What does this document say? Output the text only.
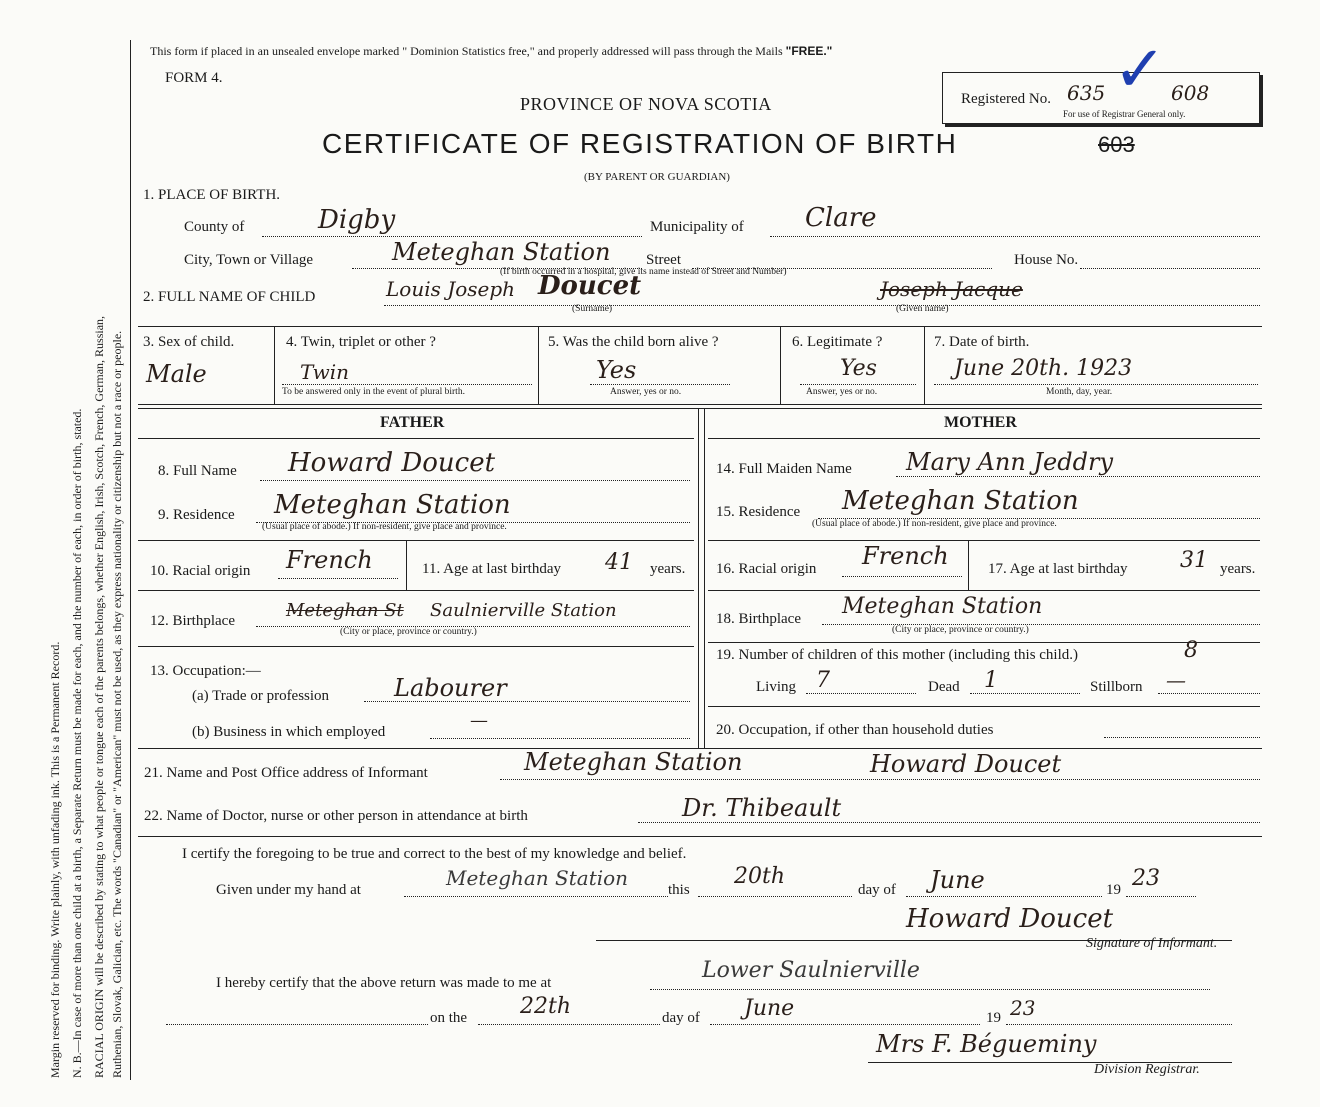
Margin reserved for binding. Write plainly, with unfading ink. This is a Permanent Record. N. B.—In case of more than one child at a birth, a Separate Return must be made for each, and the number of each, in order of birth, stated. RACIAL ORIGIN will be described by stating to what people or tongue each of the parents belongs, whether English, Irish, Scotch, French, German, Russian, Ruthenian, Slovak, Galician, etc. The words "Canadian" or "American" must not be used, as they express nationality or citizenship but not a race or people.
This form if placed in an unsealed envelope marked " Dominion Statistics free," and properly addressed will pass through the Mails "FREE."
FORM 4.
PROVINCE OF NOVA SCOTIA
CERTIFICATE OF REGISTRATION OF BIRTH	603
(BY PARENT OR GUARDIAN)
Registered No. 635	608
For use of Registrar General only.
✓
1. PLACE OF BIRTH.
County of	Digby	Municipality of Clare
City, Town or Village	Meteghan Station Street	House No.
(If birth occurred in a hospital, give its name instead of Street and Number)
2. FULL NAME OF CHILD	Louis Joseph Doucet
(Surname)
Joseph Jacque
(Given name)
3. Sex of child.
Male
4. Twin, triplet or other ?
Twin
To be answered only in the event of plural birth.
5. Was the child born alive ?
Yes
Answer, yes or no.
6. Legitimate ?
Yes
Answer, yes or no.
7. Date of birth.
June 20th. 1923
Month, day, year.
FATHER	MOTHER
8. Full Name Howard Doucet
9. Residence Meteghan Station
(Usual place of abode.) If non-resident, give place and province.
10. Racial origin French	11. Age at last birthday 41 years.
12. Birthplace	Meteghan St Saulnierville Station
(City or place, province or country.)
13. Occupation:—
(a) Trade or profession	Labourer
(b) Business in which employed
—
14. Full Maiden Name Mary Ann Jeddry
15. Residence Meteghan Station
(Usual place of abode.) If non-resident, give place and province.
16. Racial origin French	17. Age at last birthday 31 years.
18. Birthplace Meteghan Station
(City or place, province or country.)
19. Number of children of this mother (including this child.)	8
Living 7	Dead 1	Stillborn —
20. Occupation, if other than household duties
21. Name and Post Office address of Informant	Meteghan Station	Howard Doucet
22. Name of Doctor, nurse or other person in attendance at birth	Dr. Thibeault
I certify the foregoing to be true and correct to the best of my knowledge and belief.
Given under my hand at	Meteghan Station	this
20th
day of June	19 23
Howard Doucet
Signature of Informant.
I hereby certify that the above return was made to me at	Lower Saulnierville
on the 22th	day of June	19 23
Mrs F. Bégueminy
Division Registrar.
